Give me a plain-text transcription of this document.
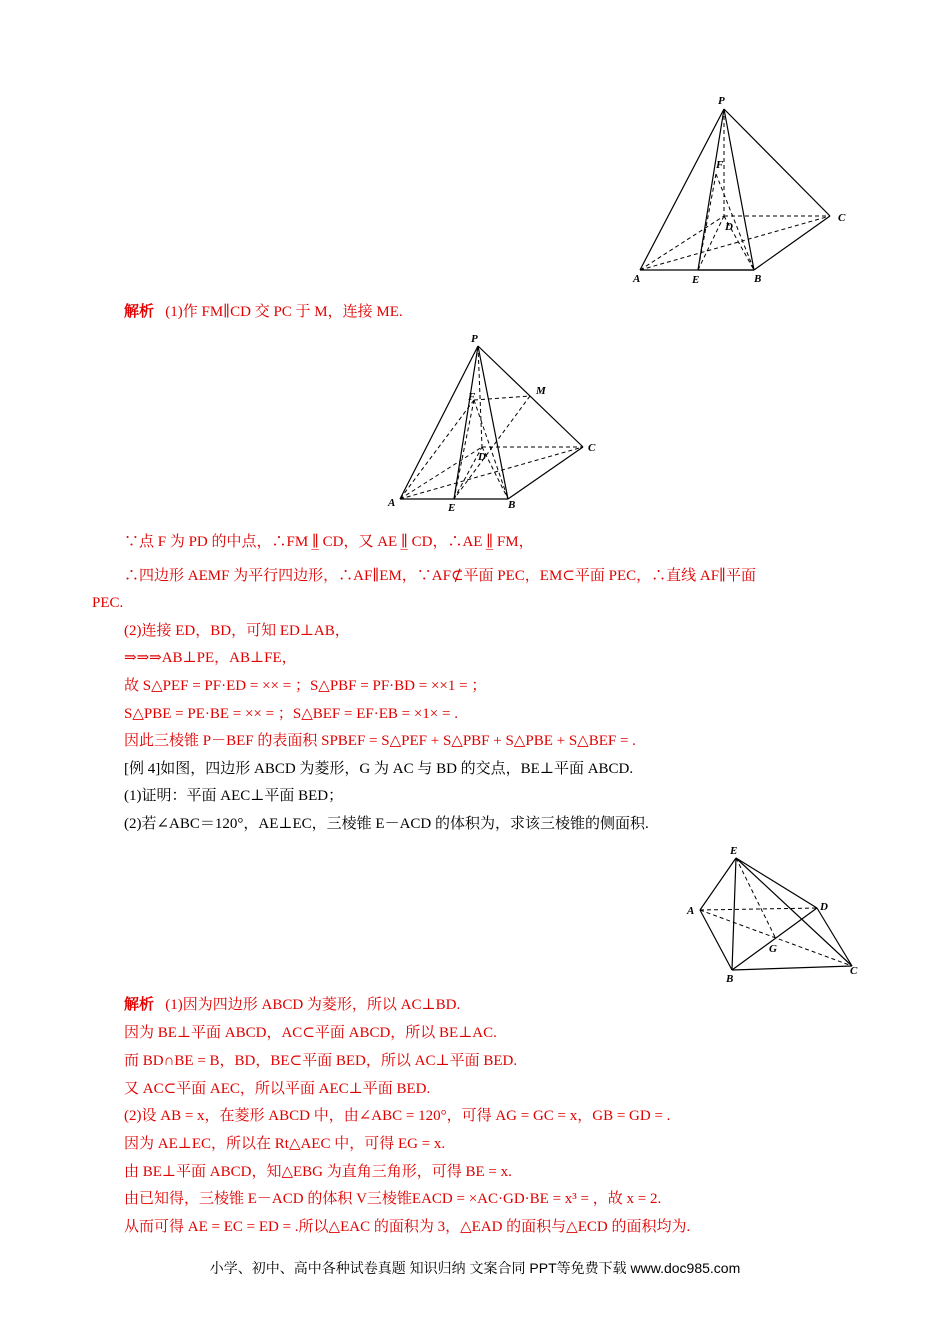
P
F
D
C
A	E	B
P
M
F
D
C
A	E	B
E
A	D
G
B
C
解析 (1)作 FM∥CD 交 PC 于 M，连接 ME.
∵点 F 为 PD 的中点，∴FM ∥̲ CD，又 AE ∥̲ CD，∴AE ∥̲ FM，
∴四边形 AEMF 为平行四边形，∴AF∥EM，∵AF⊄平面 PEC，EM⊂平面 PEC，∴直线 AF∥平面
PEC.
(2)连接 ED，BD，可知 ED⊥AB，
⇒⇒⇒AB⊥PE，AB⊥FE，
故 S△PEF = PF·ED = ×× = ；S△PBF = PF·BD = ××1 = ；
S△PBE = PE·BE = ×× = ；S△BEF = EF·EB = ×1× = .
因此三棱锥 P－BEF 的表面积 SPBEF = S△PEF + S△PBF + S△PBE + S△BEF = .
[例 4]如图，四边形 ABCD 为菱形，G 为 AC 与 BD 的交点，BE⊥平面 ABCD.
(1)证明：平面 AEC⊥平面 BED；
(2)若∠ABC＝120°，AE⊥EC，三棱锥 E－ACD 的体积为，求该三棱锥的侧面积.
解析 (1)因为四边形 ABCD 为菱形，所以 AC⊥BD.
因为 BE⊥平面 ABCD，AC⊂平面 ABCD，所以 BE⊥AC.
而 BD∩BE = B，BD，BE⊂平面 BED，所以 AC⊥平面 BED.
又 AC⊂平面 AEC，所以平面 AEC⊥平面 BED.
(2)设 AB = x，在菱形 ABCD 中，由∠ABC = 120°，可得 AG = GC = x，GB = GD = .
因为 AE⊥EC，所以在 Rt△AEC 中，可得 EG = x.
由 BE⊥平面 ABCD，知△EBG 为直角三角形，可得 BE = x.
由已知得，三棱锥 E－ACD 的体积 V三棱锥EACD = ×AC·GD·BE = x³ = ，故 x = 2.
从而可得 AE = EC = ED = .所以△EAC 的面积为 3，△EAD 的面积与△ECD 的面积均为.
小学、初中、高中各种试卷真题 知识归纳 文案合同 PPT等免费下载 www.doc985.com
